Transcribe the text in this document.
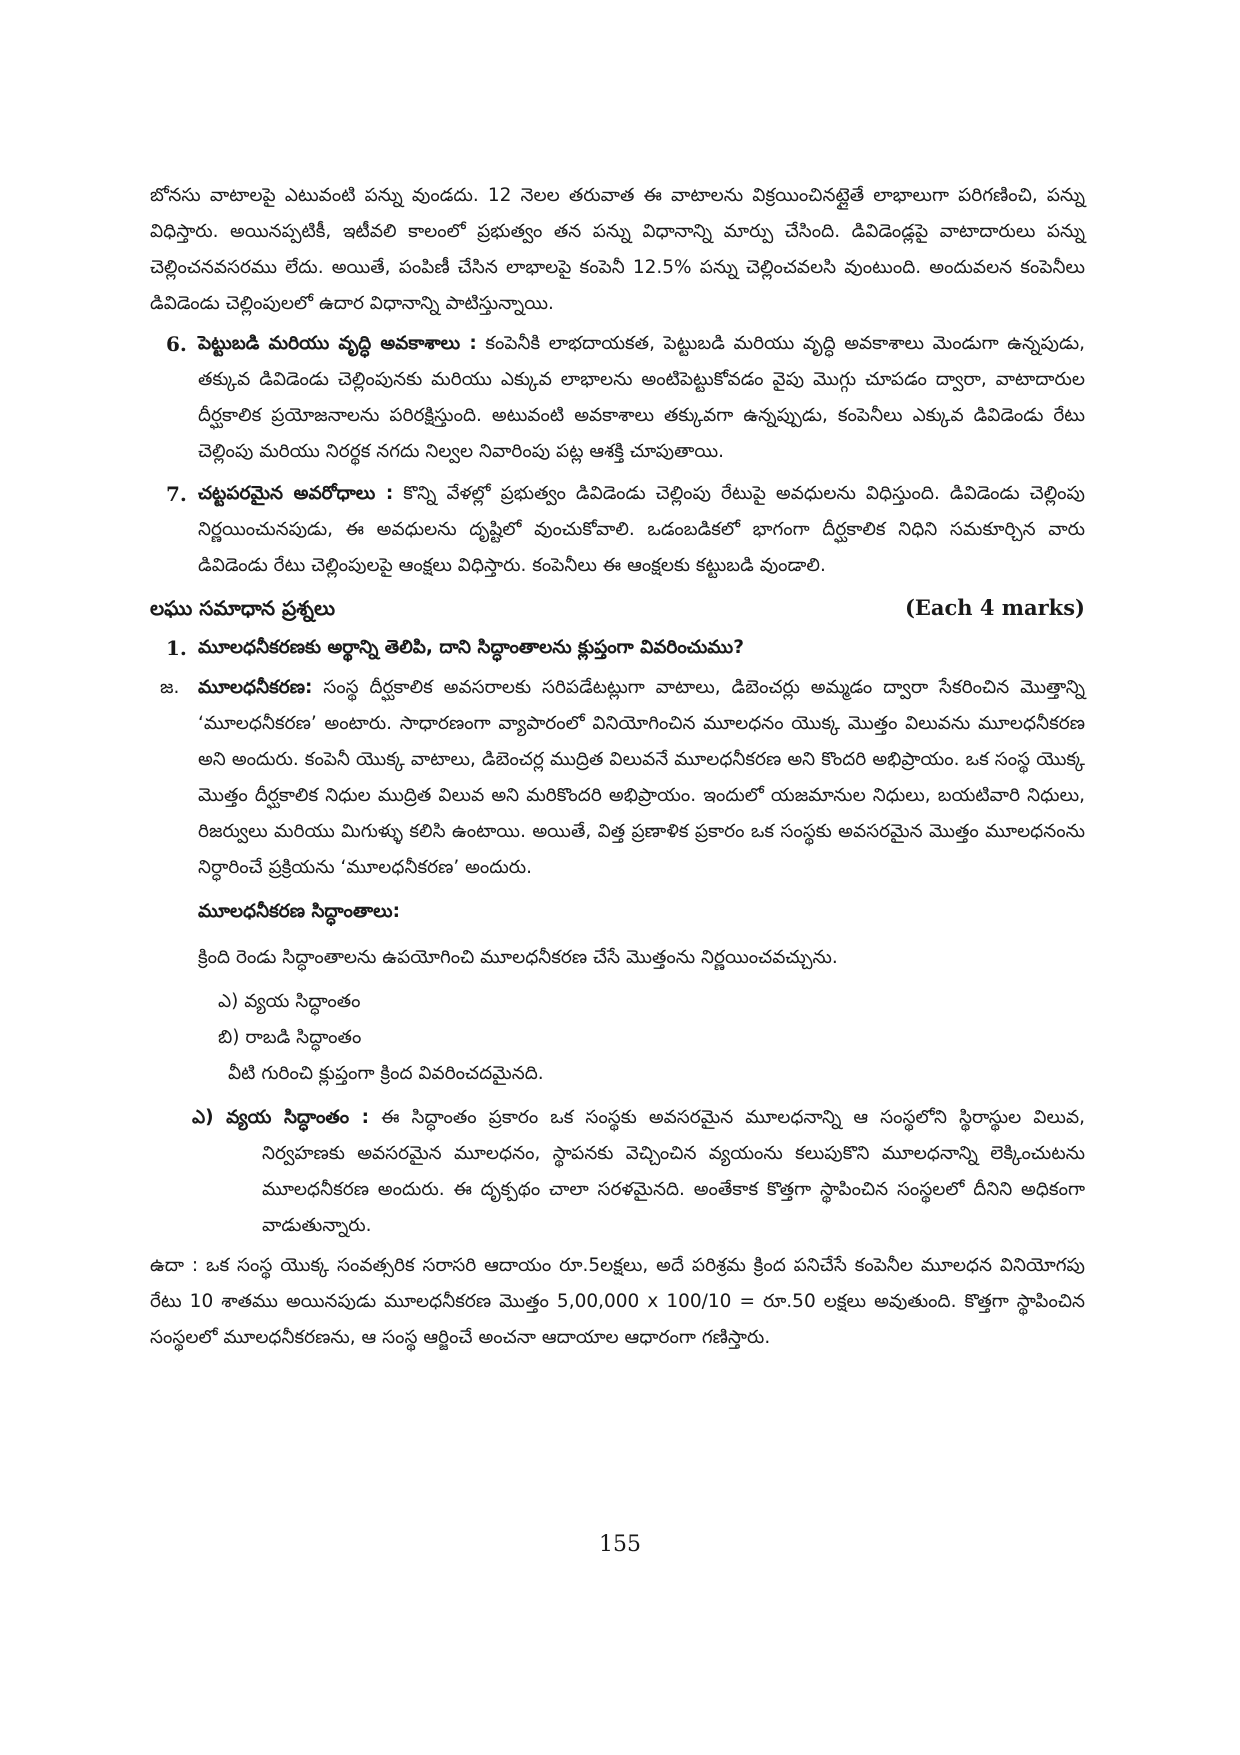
బోనసు వాటాలపై ఎటువంటి పన్ను వుండదు. 12 నెలల తరువాత ఈ వాటాలను విక్రయించినట్లైతే లాభాలుగా పరిగణించి, పన్ను విధిస్తారు. అయినప్పటికీ, ఇటీవలి కాలంలో ప్రభుత్వం తన పన్ను విధానాన్ని మార్పు చేసింది. డివిడెండ్లపై వాటాదారులు పన్ను చెల్లించనవసరము లేదు. అయితే, పంపిణీ చేసిన లాభాలపై కంపెనీ 12.5% పన్ను చెల్లించవలసి వుంటుంది. అందువలన కంపెనీలు డివిడెండు చెల్లింపులలో ఉదార విధానాన్ని పాటిస్తున్నాయి.

6. పెట్టుబడి మరియు వృద్ధి అవకాశాలు : కంపెనీకి లాభదాయకత, పెట్టుబడి మరియు వృద్ధి అవకాశాలు మెండుగా ఉన్నపుడు, తక్కువ డివిడెండు చెల్లింపునకు మరియు ఎక్కువ లాభాలను అంటిపెట్టుకోవడం వైపు మొగ్గు చూపడం ద్వారా, వాటాదారుల దీర్ఘకాలిక ప్రయోజనాలను పరిరక్షిస్తుంది. అటువంటి అవకాశాలు తక్కువగా ఉన్నప్పుడు, కంపెనీలు ఎక్కువ డివిడెండు రేటు చెల్లింపు మరియు నిరర్థక నగదు నిల్వల నివారింపు పట్ల ఆశక్తి చూపుతాయి.

7. చట్టపరమైన అవరోధాలు : కొన్ని వేళల్లో ప్రభుత్వం డివిడెండు చెల్లింపు రేటుపై అవధులను విధిస్తుంది. డివిడెండు చెల్లింపు నిర్ణయించునపుడు, ఈ అవధులను దృష్టిలో వుంచుకోవాలి. ఒడంబడికలో భాగంగా దీర్ఘకాలిక నిధిని సమకూర్చిన వారు డివిడెండు రేటు చెల్లింపులపై ఆంక్షలు విధిస్తారు. కంపెనీలు ఈ ఆంక్షలకు కట్టుబడి వుండాలి.

లఘు సమాధాన ప్రశ్నలు	(Each 4 marks)
1. మూలధనీకరణకు అర్థాన్ని తెలిపి, దాని సిద్ధాంతాలను క్లుప్తంగా వివరించుము?
జ. మూలధనీకరణ: సంస్థ దీర్ఘకాలిక అవసరాలకు సరిపడేటట్లుగా వాటాలు, డిబెంచర్లు అమ్మడం ద్వారా సేకరించిన మొత్తాన్ని ‘మూలధనీకరణ’ అంటారు. సాధారణంగా వ్యాపారంలో వినియోగించిన మూలధనం యొక్క మొత్తం విలువను మూలధనీకరణ అని అందురు. కంపెనీ యొక్క వాటాలు, డిబెంచర్ల ముద్రిత విలువనే మూలధనీకరణ అని కొందరి అభిప్రాయం. ఒక సంస్థ యొక్క మొత్తం దీర్ఘకాలిక నిధుల ముద్రిత విలువ అని మరికొందరి అభిప్రాయం. ఇందులో యజమానుల నిధులు, బయటివారి నిధులు, రిజర్వులు మరియు మిగుళ్ళు కలిసి ఉంటాయి. అయితే, విత్త ప్రణాళిక ప్రకారం ఒక సంస్థకు అవసరమైన మొత్తం మూలధనంను నిర్ధారించే ప్రక్రియను ‘మూలధనీకరణ’ అందురు.

మూలధనీకరణ సిద్ధాంతాలు:

క్రింది రెండు సిద్ధాంతాలను ఉపయోగించి మూలధనీకరణ చేసే మొత్తంను నిర్ణయించవచ్చును.

ఎ) వ్యయ సిద్ధాంతం

బి) రాబడి సిద్ధాంతం

వీటి గురించి క్లుప్తంగా క్రింద వివరించదమైనది.

ఎ) వ్యయ సిద్ధాంతం : ఈ సిద్ధాంతం ప్రకారం ఒక సంస్థకు అవసరమైన మూలధనాన్ని ఆ సంస్థలోని స్థిరాస్థుల విలువ, నిర్వహణకు అవసరమైన మూలధనం, స్థాపనకు వెచ్చించిన వ్యయంను కలుపుకొని మూలధనాన్ని లెక్కించుటను మూలధనీకరణ అందురు. ఈ దృక్పథం చాలా సరళమైనది. అంతేకాక కొత్తగా స్థాపించిన సంస్థలలో దీనిని అధికంగా వాడుతున్నారు.

ఉదా : ఒక సంస్థ యొక్క సంవత్సరిక సరాసరి ఆదాయం రూ.5లక్షలు, అదే పరిశ్రమ క్రింద పనిచేసే కంపెనీల మూలధన వినియోగపు రేటు 10 శాతము అయినపుడు మూలధనీకరణ మొత్తం 5,00,000 x 100/10 = రూ.50 లక్షలు అవుతుంది. కొత్తగా స్థాపించిన సంస్థలలో మూలధనీకరణను, ఆ సంస్థ ఆర్జించే అంచనా ఆదాయాల ఆధారంగా గణిస్తారు.

155
